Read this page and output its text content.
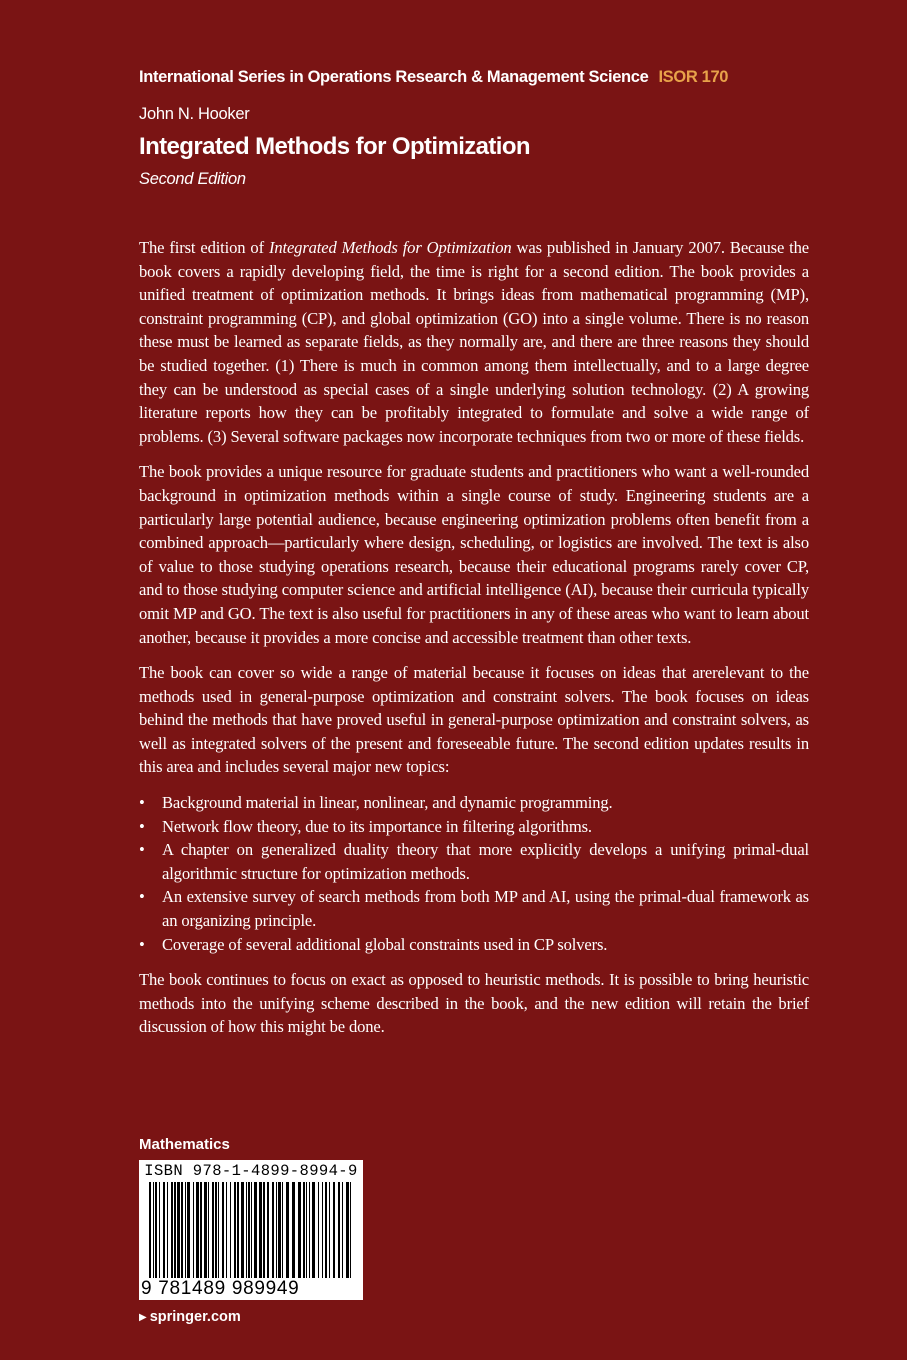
International Series in Operations Research & Management Science ISOR 170
John N. Hooker
Integrated Methods for Optimization
Second Edition

The first edition of Integrated Methods for Optimization was published in January 2007. Because the book covers a rapidly developing field, the time is right for a second edition. The book provides a unified treatment of optimization methods. It brings ideas from mathematical programming (MP), constraint programming (CP), and global optimization (GO) into a single volume. There is no reason these must be learned as separate fields, as they normally are, and there are three reasons they should be studied together. (1) There is much in common among them intellectually, and to a large degree they can be understood as special cases of a single underlying solution technology. (2) A growing literature reports how they can be profitably integrated to formulate and solve a wide range of problems. (3) Several software packages now incorporate techniques from two or more of these fields.

The book provides a unique resource for graduate students and practitioners who want a well-rounded background in optimization methods within a single course of study. Engineering students are a particularly large potential audience, because engineering optimization problems often benefit from a combined approach—particularly where design, scheduling, or logistics are involved. The text is also of value to those studying operations research, because their educational programs rarely cover CP, and to those studying computer science and artificial intelligence (AI), because their curricula typically omit MP and GO. The text is also useful for practitioners in any of these areas who want to learn about another, because it provides a more concise and accessible treatment than other texts.

The book can cover so wide a range of material because it focuses on ideas that arerelevant to the methods used in general-purpose optimization and constraint solvers. The book focuses on ideas behind the methods that have proved useful in general-purpose optimization and constraint solvers, as well as integrated solvers of the present and foreseeable future. The second edition updates results in this area and includes several major new topics:

• Background material in linear, nonlinear, and dynamic programming.
• Network flow theory, due to its importance in filtering algorithms.
• A chapter on generalized duality theory that more explicitly develops a unifying primal-dual algorithmic structure for optimization methods.
• An extensive survey of search methods from both MP and AI, using the primal-dual framework as an organizing principle.
• Coverage of several additional global constraints used in CP solvers.

The book continues to focus on exact as opposed to heuristic methods. It is possible to bring heuristic methods into the unifying scheme described in the book, and the new edition will retain the brief discussion of how this might be done.

Mathematics
ISBN 978-1-4899-8994-9
9 781489 989949
▶ springer.com
